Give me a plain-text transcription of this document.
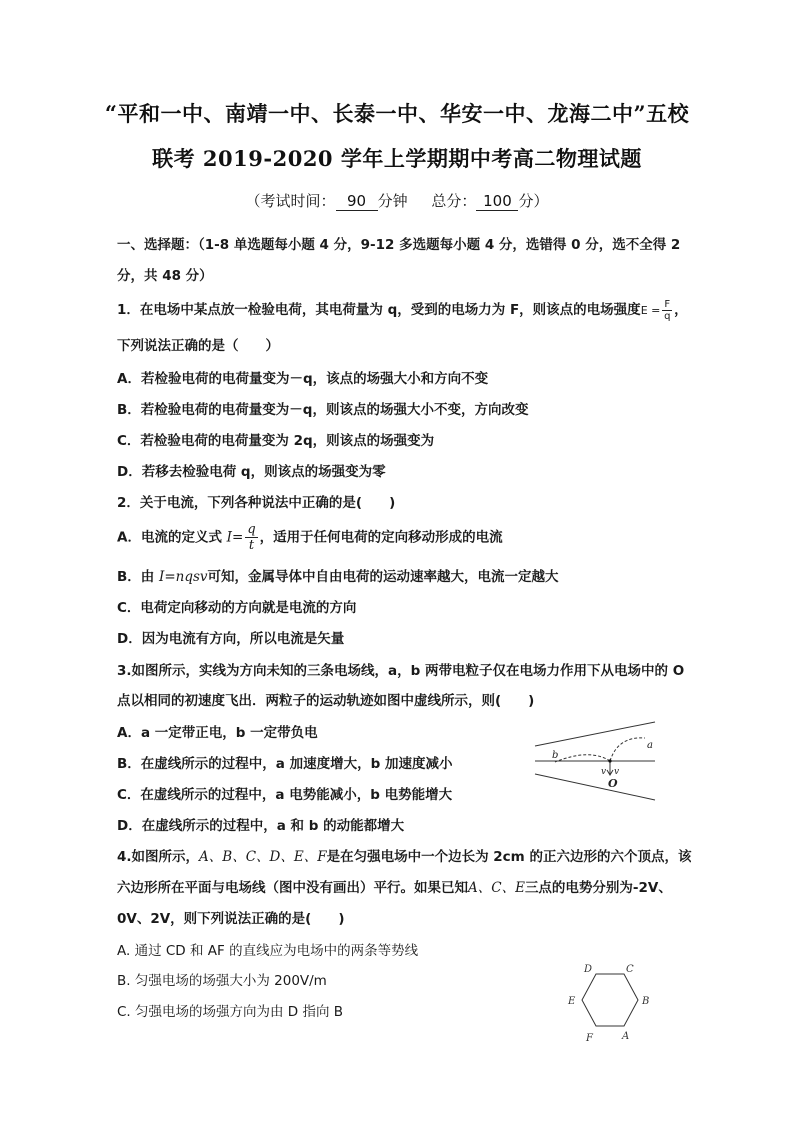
“平和一中、南靖一中、长泰一中、华安一中、龙海二中”五校
联考 2019-2020 学年上学期期中考高二物理试题
（考试时间： 90 分钟 总分： 100 分）
一、选择题：（1-8 单选题每小题 4 分，9-12 多选题每小题 4 分，选错得 0 分，选不全得 2
分，共 48 分）
1．在电场中某点放一检验电荷，其电荷量为 q，受到的电场力为 F，则该点的电场强度$E = \frac{F}{q}$ ，
下列说法正确的是（　　）
A．若检验电荷的电荷量变为－q，该点的场强大小和方向不变
B．若检验电荷的电荷量变为－q，则该点的场强大小不变，方向改变
C．若检验电荷的电荷量变为 2q，则该点的场强变为
D．若移去检验电荷 q，则该点的场强变为零
2．关于电流，下列各种说法中正确的是(　　)
A．电流的定义式 $I= \frac{q}{t}$ ，适用于任何电荷的定向移动形成的电流
B．由 I=nqsv可知，金属导体中自由电荷的运动速率越大，电流一定越大
C．电荷定向移动的方向就是电流的方向
D．因为电流有方向，所以电流是矢量
3.如图所示，实线为方向未知的三条电场线，a，b 两带电粒子仅在电场力作用下从电场中的 O
点以相同的初速度飞出．两粒子的运动轨迹如图中虚线所示，则(　　)
A．a 一定带正电，b 一定带负电
B．在虚线所示的过程中，a 加速度增大，b 加速度减小
C．在虚线所示的过程中，a 电势能减小，b 电势能增大
D．在虚线所示的过程中，a 和 b 的动能都增大
a
b
v v
O
4.如图所示，A、B、C、D、E、F是在匀强电场中一个边长为 2cm 的正六边形的六个顶点，该
六边形所在平面与电场线（图中没有画出）平行。如果已知A、C、E三点的电势分别为-2V、
0V、2V，则下列说法正确的是(　　)
A. 通过 CD 和 AF 的直线应为电场中的两条等势线
B. 匀强电场的场强大小为 200V/m
C. 匀强电场的场强方向为由 D 指向 B
D	C
B
E
F	A
